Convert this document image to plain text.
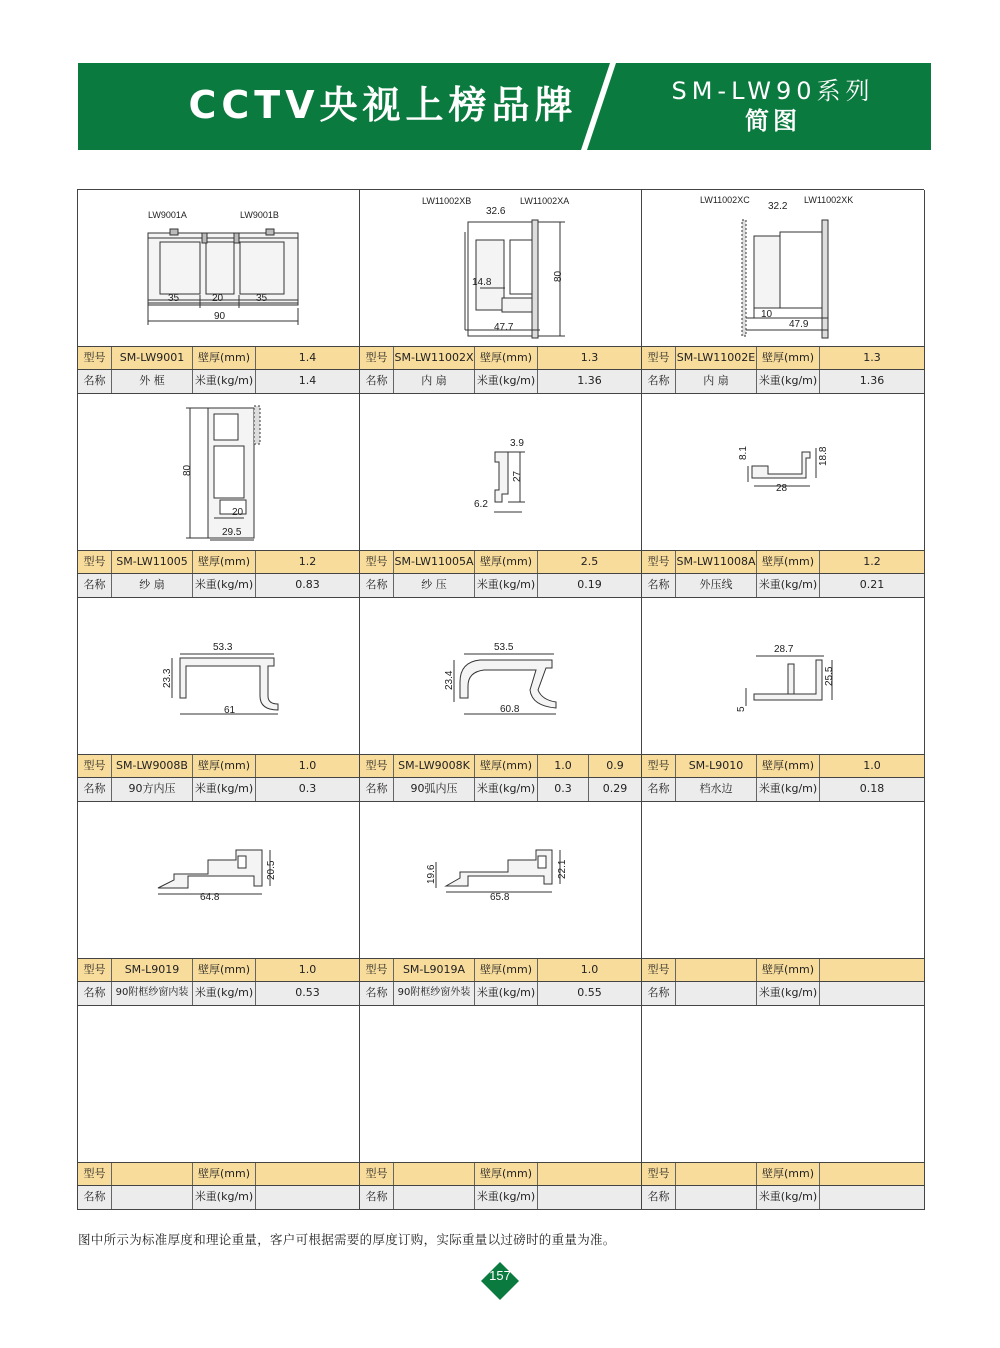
CCTV央视上榜品牌	SM-LW90系列
简图
LW9001A	LW9001B
35	20	35
90
型号	SM-LW9001	壁厚(mm)	1.4
名称	外 框	米重(kg/m)	1.4
LW11002XB	LW11002XA
32.6
14.8
80
47.7
型号 SM-LW11002X 壁厚(mm)	1.3
名称	内 扇	米重(kg/m)	1.36
LW11002XC	LW11002XK
32.2
10
47.9
型号 SM-LW11002E 壁厚(mm)	1.3
名称	内 扇	米重(kg/m)	1.36
80
20
29.5
型号 SM-LW11005 壁厚(mm)	1.2
名称	纱 扇	米重(kg/m)	0.83
3.9
27
6.2
型号 SM-LW11005A 壁厚(mm)	2.5
名称	纱 压	米重(kg/m)	0.19
8.1	18.8
28
型号 SM-LW11008A 壁厚(mm)	1.2
名称	外压线	米重(kg/m)	0.21
53.3
23.3
61
型号 SM-LW9008B 壁厚(mm)	1.0
名称	90方内压	米重(kg/m)	0.3
53.5
23.4
60.8
型号 SM-LW9008K 壁厚(mm)	1.0	0.9
名称	90弧内压	米重(kg/m)	0.3	0.29
28.7
25.5
5
型号	SM-L9010	壁厚(mm)	1.0
名称	档水边	米重(kg/m)	0.18
20.5
64.8
型号	SM-L9019	壁厚(mm)	1.0
名称	90附框纱窗内装 米重(kg/m)	0.53
19.6	22.1
65.8
型号	SM-L9019A	壁厚(mm)	1.0
名称	90附框纱窗外装 米重(kg/m)	0.55
型号	壁厚(mm)
名称	米重(kg/m)
型号	壁厚(mm)
名称	米重(kg/m)
型号	壁厚(mm)
名称	米重(kg/m)
型号	壁厚(mm)
名称	米重(kg/m)
图中所示为标准厚度和理论重量，客户可根据需要的厚度订购，实际重量以过磅时的重量为准。
157
